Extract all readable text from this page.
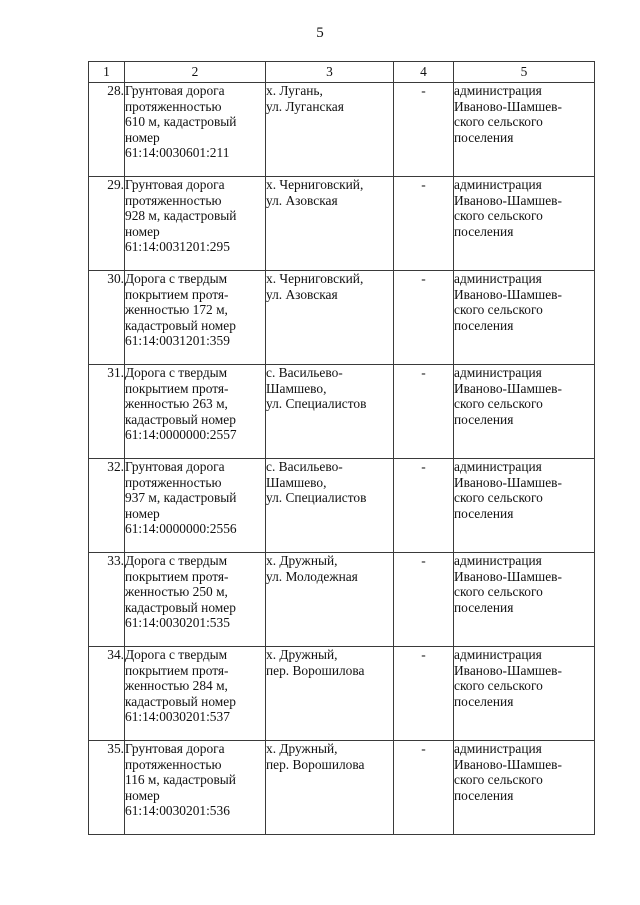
5
1	2	3	4	5
28.	Грунтовая дорога
протяженностью
610 м, кадастровый
номер
61:14:0030601:211	х. Лугань,
ул. Луганская	-	администрация
Иваново-Шамшев-
ского сельского
поселения

29.	Грунтовая дорога
протяженностью
928 м, кадастровый
номер
61:14:0031201:295	х. Черниговский,
ул. Азовская	-	администрация
Иваново-Шамшев-
ского сельского
поселения

30.	Дорога с твердым
покрытием протя-
женностью 172 м,
кадастровый номер
61:14:0031201:359	х. Черниговский,
ул. Азовская	-	администрация
Иваново-Шамшев-
ского сельского
поселения

31.	Дорога с твердым
покрытием протя-
женностью 263 м,
кадастровый номер
61:14:0000000:2557	с. Васильево-
Шамшево,
ул. Специалистов	-	администрация
Иваново-Шамшев-
ского сельского
поселения

32.	Грунтовая дорога
протяженностью
937 м, кадастровый
номер
61:14:0000000:2556	с. Васильево-
Шамшево,
ул. Специалистов	-	администрация
Иваново-Шамшев-
ского сельского
поселения

33.	Дорога с твердым
покрытием протя-
женностью 250 м,
кадастровый номер
61:14:0030201:535	х. Дружный,
ул. Молодежная	-	администрация
Иваново-Шамшев-
ского сельского
поселения

34.	Дорога с твердым
покрытием протя-
женностью 284 м,
кадастровый номер
61:14:0030201:537	х. Дружный,
пер. Ворошилова	-	администрация
Иваново-Шамшев-
ского сельского
поселения

35.	Грунтовая дорога
протяженностью
116 м, кадастровый
номер
61:14:0030201:536	х. Дружный,
пер. Ворошилова	-	администрация
Иваново-Шамшев-
ского сельского
поселения
